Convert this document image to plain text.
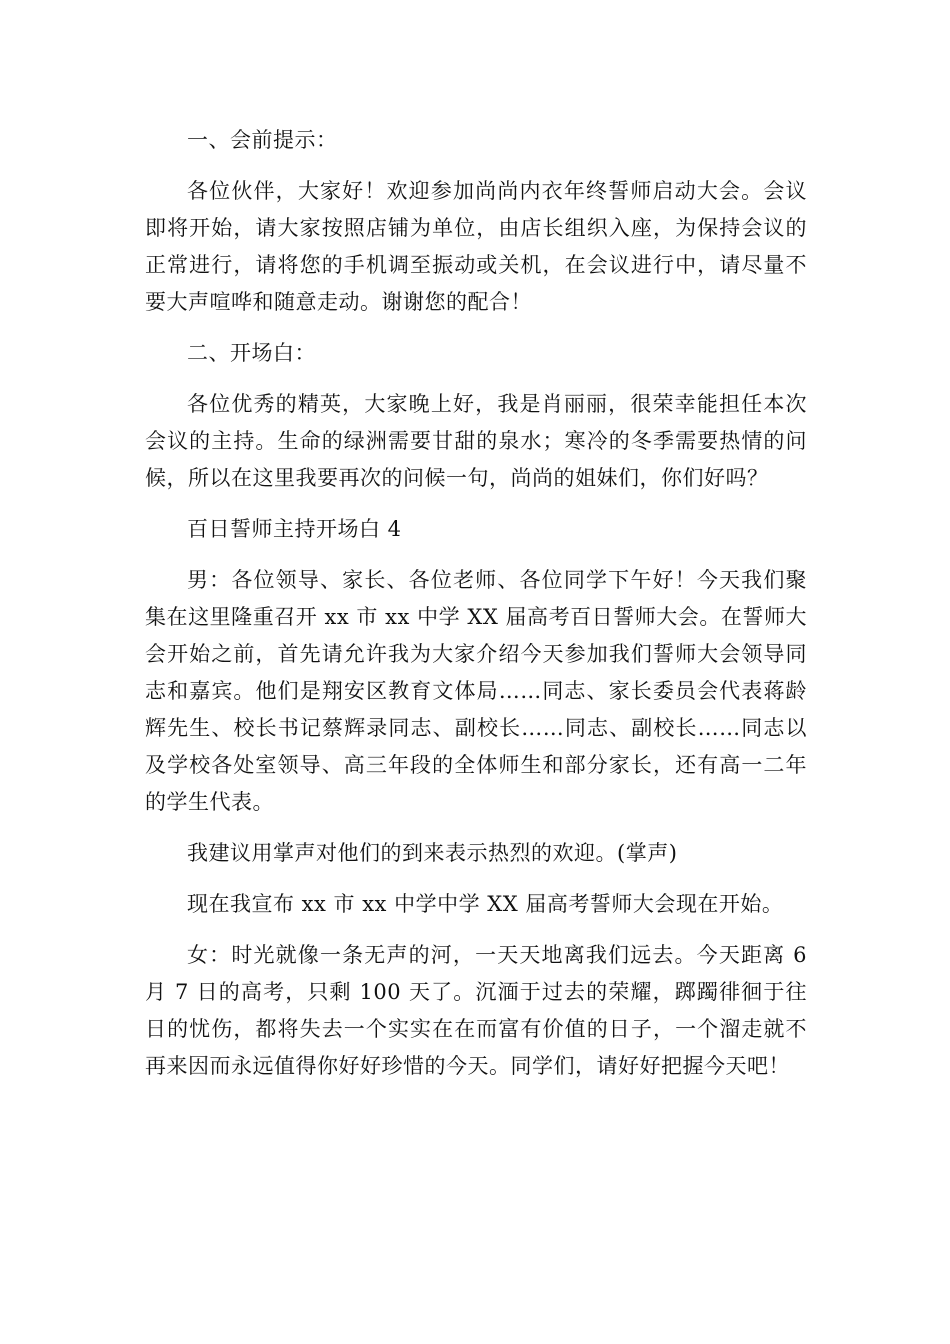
一、会前提示：

各位伙伴，大家好！欢迎参加尚尚内衣年终誓师启动大会。会议即将开始，请大家按照店铺为单位，由店长组织入座，为保持会议的正常进行，请将您的手机调至振动或关机，在会议进行中，请尽量不要大声喧哗和随意走动。谢谢您的配合！

二、开场白：

各位优秀的精英，大家晚上好，我是肖丽丽，很荣幸能担任本次会议的主持。生命的绿洲需要甘甜的泉水；寒冷的冬季需要热情的问候，所以在这里我要再次的问候一句，尚尚的姐妹们，你们好吗？

百日誓师主持开场白 4

男：各位领导、家长、各位老师、各位同学下午好！今天我们聚集在这里隆重召开 xx 市 xx 中学 XX 届高考百日誓师大会。在誓师大会开始之前，首先请允许我为大家介绍今天参加我们誓师大会领导同志和嘉宾。他们是翔安区教育文体局……同志、家长委员会代表蒋龄辉先生、校长书记蔡辉录同志、副校长……同志、副校长……同志以及学校各处室领导、高三年段的全体师生和部分家长，还有高一二年的学生代表。

我建议用掌声对他们的到来表示热烈的欢迎。(掌声)

现在我宣布 xx 市 xx 中学中学 XX 届高考誓师大会现在开始。

女：时光就像一条无声的河，一天天地离我们远去。今天距离 6 月 7 日的高考，只剩 100 天了。沉湎于过去的荣耀，踯躅徘徊于往日的忧伤，都将失去一个实实在在而富有价值的日子，一个溜走就不再来因而永远值得你好好珍惜的今天。同学们，请好好把握今天吧！
